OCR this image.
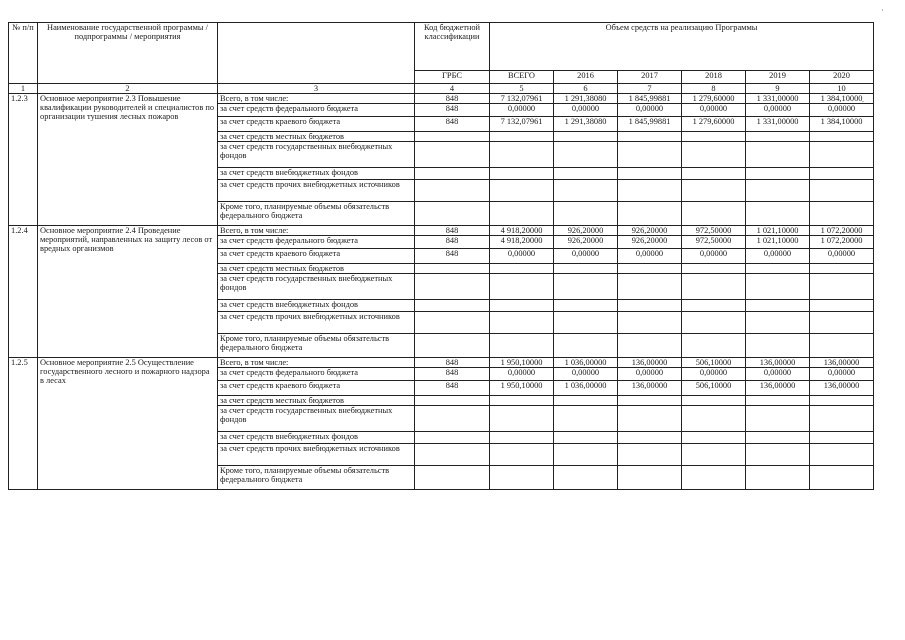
·
.
№ п/п	Наименование государственной программы / подпрограммы / мероприятия		Код бюджетной классификации	Объем средств на реализацию Программы					
			ГРБС	ВСЕГО	2016	2017	2018	2019	2020
1	2	3	4	5	6	7	8	9	10
1.2.3	Основное мероприятие 2.3 Повышение квалификации руководителей и специалистов по организации тушения лесных пожаров	Всего, в том числе:	848	7 132,07961	1 291,38080	1 845,99881	1 279,60000	1 331,00000	1 384,10000
		за счет средств федерального бюджета	848	0,00000	0,00000	0,00000	0,00000	0,00000	0,00000
		за счет средств краевого бюджета	848	7 132,07961	1 291,38080	1 845,99881	1 279,60000	1 331,00000	1 384,10000
		за счет средств местных бюджетов							
		за счет средств государственных внебюджетных фондов							
		за счет средств внебюджетных фондов							
		за счет средств прочих внебюджетных источников							
		Кроме того, планируемые объемы обязательств федерального бюджета							
1.2.4	Основное мероприятие 2.4 Проведение мероприятий, направленных на защиту лесов от вредных организмов	Всего, в том числе:	848	4 918,20000	926,20000	926,20000	972,50000	1 021,10000	1 072,20000
		за счет средств федерального бюджета	848	4 918,20000	926,20000	926,20000	972,50000	1 021,10000	1 072,20000
		за счет средств краевого бюджета	848	0,00000	0,00000	0,00000	0,00000	0,00000	0,00000
		за счет средств местных бюджетов							
		за счет средств государственных внебюджетных фондов							
		за счет средств внебюджетных фондов							
		за счет средств прочих внебюджетных источников							
		Кроме того, планируемые объемы обязательств федерального бюджета							
1.2.5	Основное мероприятие 2.5 Осуществление государственного лесного и пожарного надзора в лесах	Всего, в том числе:	848	1 950,10000	1 036,00000	136,00000	506,10000	136,00000	136,00000
		за счет средств федерального бюджета	848	0,00000	0,00000	0,00000	0,00000	0,00000	0,00000
		за счет средств краевого бюджета	848	1 950,10000	1 036,00000	136,00000	506,10000	136,00000	136,00000
		за счет средств местных бюджетов							
		за счет средств государственных внебюджетных фондов							
		за счет средств внебюджетных фондов							
		за счет средств прочих внебюджетных источников							
		Кроме того, планируемые объемы обязательств федерального бюджета							
